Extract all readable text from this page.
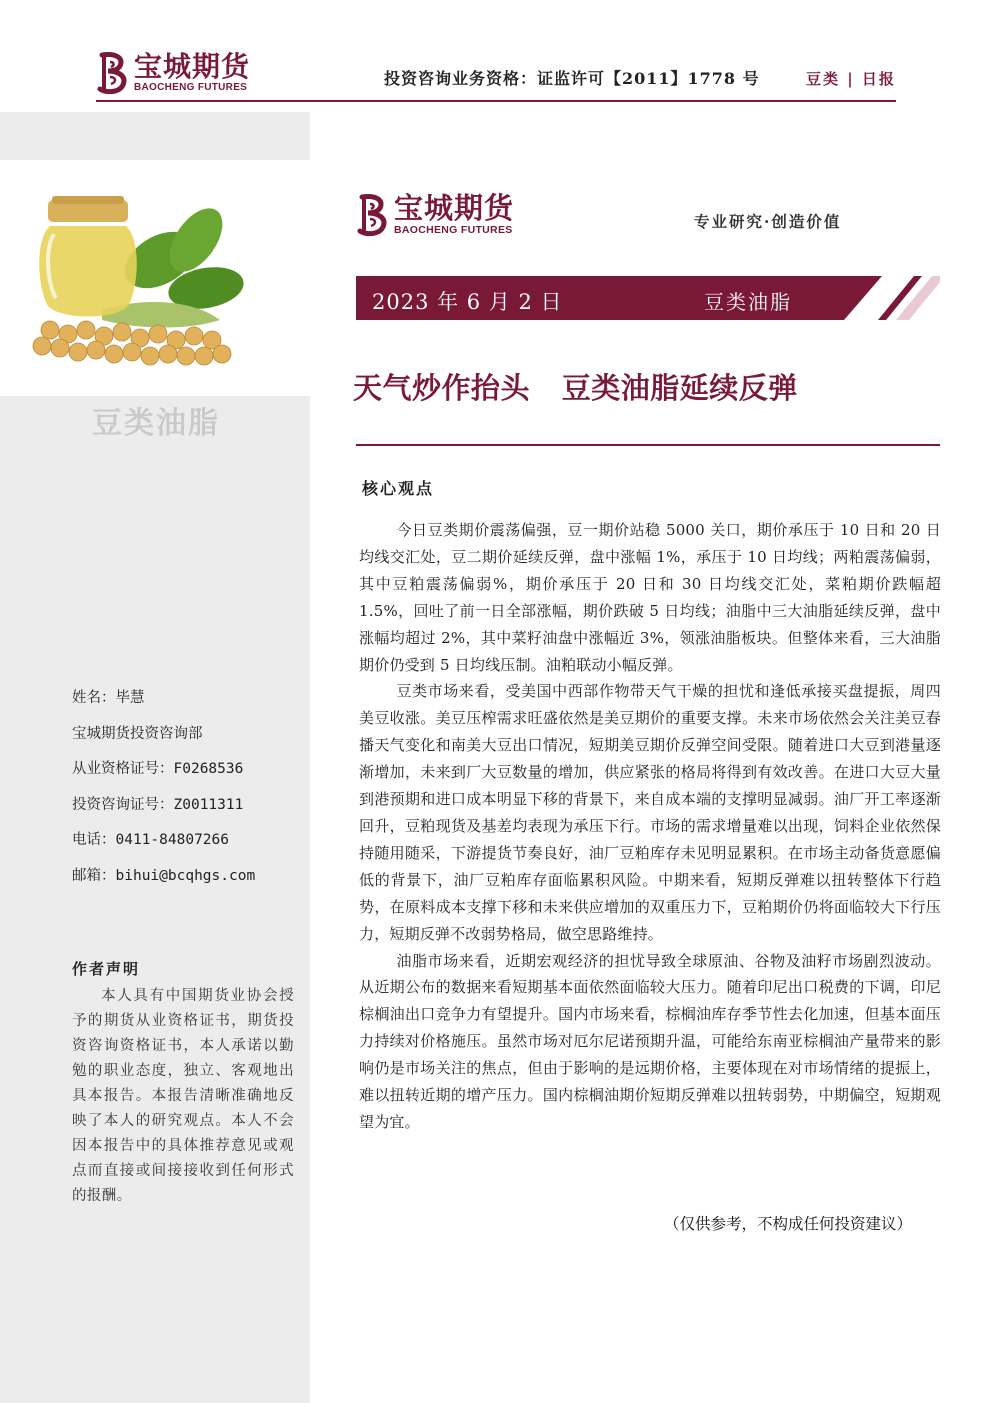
宝城期货
BAOCHENG FUTURES	投资咨询业务资格：证监许可【2011】1778 号	豆类 | 日报
豆类油脂
姓名：毕慧
宝城期货投资咨询部
从业资格证号：F0268536
投资咨询证号：Z0011311
电话：0411-84807266
邮箱：bihui@bcqhgs.com
作者声明
本人具有中国期货业协会授予的期货从业资格证书，期货投资咨询资格证书，本人承诺以勤勉的职业态度，独立、客观地出具本报告。本报告清晰准确地反映了本人的研究观点。本人不会因本报告中的具体推荐意见或观点而直接或间接接收到任何形式的报酬。
宝城期货
BAOCHENG FUTURES	专业研究·创造价值
2023 年 6 月 2 日	豆类油脂
天气炒作抬头   豆类油脂延续反弹
核心观点

今日豆类期价震荡偏强，豆一期价站稳 5000 关口，期价承压于 10 日和 20 日均线交汇处，豆二期价延续反弹，盘中涨幅 1%，承压于 10 日均线；两粕震荡偏弱，其中豆粕震荡偏弱%，期价承压于 20 日和 30 日均线交汇处，菜粕期价跌幅超 1.5%，回吐了前一日全部涨幅，期价跌破 5 日均线；油脂中三大油脂延续反弹，盘中涨幅均超过 2%，其中菜籽油盘中涨幅近 3%，领涨油脂板块。但整体来看，三大油脂期价仍受到 5 日均线压制。油粕联动小幅反弹。

豆类市场来看，受美国中西部作物带天气干燥的担忧和逢低承接买盘提振，周四美豆收涨。美豆压榨需求旺盛依然是美豆期价的重要支撑。未来市场依然会关注美豆春播天气变化和南美大豆出口情况，短期美豆期价反弹空间受限。随着进口大豆到港量逐渐增加，未来到厂大豆数量的增加，供应紧张的格局将得到有效改善。在进口大豆大量到港预期和进口成本明显下移的背景下，来自成本端的支撑明显减弱。油厂开工率逐渐回升，豆粕现货及基差均表现为承压下行。市场的需求增量难以出现，饲料企业依然保持随用随采，下游提货节奏良好，油厂豆粕库存未见明显累积。在市场主动备货意愿偏低的背景下，油厂豆粕库存面临累积风险。中期来看，短期反弹难以扭转整体下行趋势，在原料成本支撑下移和未来供应增加的双重压力下，豆粕期价仍将面临较大下行压力，短期反弹不改弱势格局，做空思路维持。

油脂市场来看，近期宏观经济的担忧导致全球原油、谷物及油籽市场剧烈波动。从近期公布的数据来看短期基本面依然面临较大压力。随着印尼出口税费的下调，印尼棕榈油出口竞争力有望提升。国内市场来看，棕榈油库存季节性去化加速，但基本面压力持续对价格施压。虽然市场对厄尔尼诺预期升温，可能给东南亚棕榈油产量带来的影响仍是市场关注的焦点，但由于影响的是远期价格，主要体现在对市场情绪的提振上，难以扭转近期的增产压力。国内棕榈油期价短期反弹难以扭转弱势，中期偏空，短期观望为宜。

（仅供参考，不构成任何投资建议）
